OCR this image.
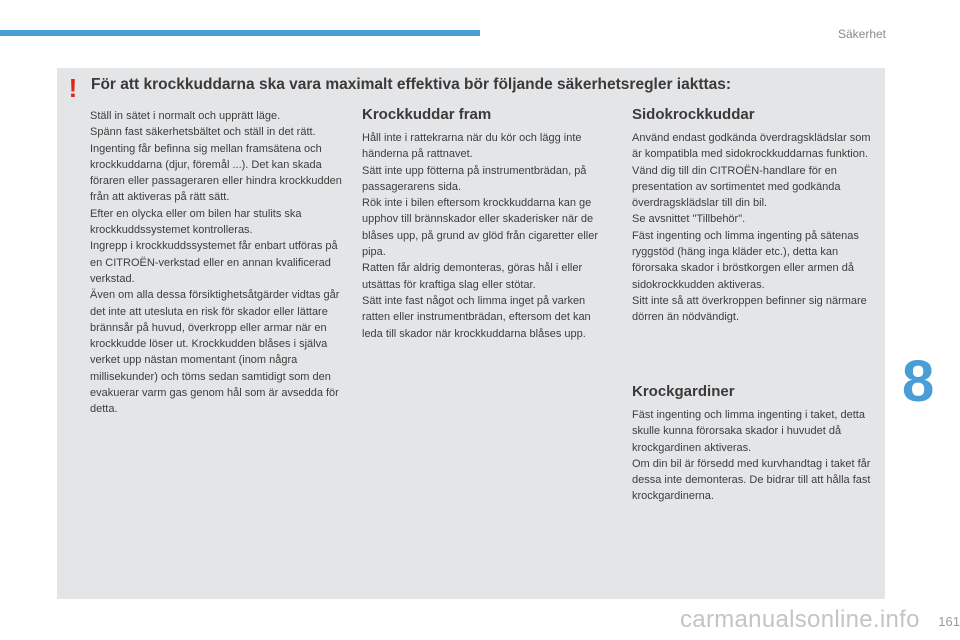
Säkerhet
! För att krockkuddarna ska vara maximalt effektiva bör följande säkerhetsregler iakttas:

Ställ in sätet i normalt och upprätt läge.

Spänn fast säkerhetsbältet och ställ in det rätt.

Ingenting får befinna sig mellan framsätena och krockkuddarna (djur, föremål ...). Det kan skada föraren eller passageraren eller hindra krockkudden från att aktiveras på rätt sätt.

Efter en olycka eller om bilen har stulits ska krockkuddssystemet kontrolleras.

Ingrepp i krockkuddssystemet får enbart utföras på en CITROËN-verkstad eller en annan kvalificerad verkstad.

Även om alla dessa försiktighetsåtgärder vidtas går det inte att utesluta en risk för skador eller lättare brännsår på huvud, överkropp eller armar när en krockkudde löser ut. Krockkudden blåses i själva verket upp nästan momentant (inom några millisekunder) och töms sedan samtidigt som den evakuerar varm gas genom hål som är avsedda för detta.

Krockkuddar fram

Håll inte i rattekrarna när du kör och lägg inte händerna på rattnavet.

Sätt inte upp fötterna på instrumentbrädan, på passagerarens sida.

Rök inte i bilen eftersom krockkuddarna kan ge upphov till brännskador eller skaderisker när de blåses upp, på grund av glöd från cigaretter eller pipa.

Ratten får aldrig demonteras, göras hål i eller utsättas för kraftiga slag eller stötar.

Sätt inte fast något och limma inget på varken ratten eller instrumentbrädan, eftersom det kan leda till skador när krockkuddarna blåses upp.

Sidokrockkuddar

Använd endast godkända överdragsklädslar som är kompatibla med sidokrockkuddarnas funktion. Vänd dig till din CITROËN-handlare för en presentation av sortimentet med godkända överdragsklädslar till din bil.

Se avsnittet "Tillbehör".

Fäst ingenting och limma ingenting på sätenas ryggstöd (häng inga kläder etc.), detta kan förorsaka skador i bröstkorgen eller armen då sidokrockkudden aktiveras.

Sitt inte så att överkroppen befinner sig närmare dörren än nödvändigt.

Krockgardiner

Fäst ingenting och limma ingenting i taket, detta skulle kunna förorsaka skador i huvudet då krockgardinen aktiveras.

Om din bil är försedd med kurvhandtag i taket får dessa inte demonteras. De bidrar till att hålla fast krockgardinerna.

8
161
carmanualsonline.info
